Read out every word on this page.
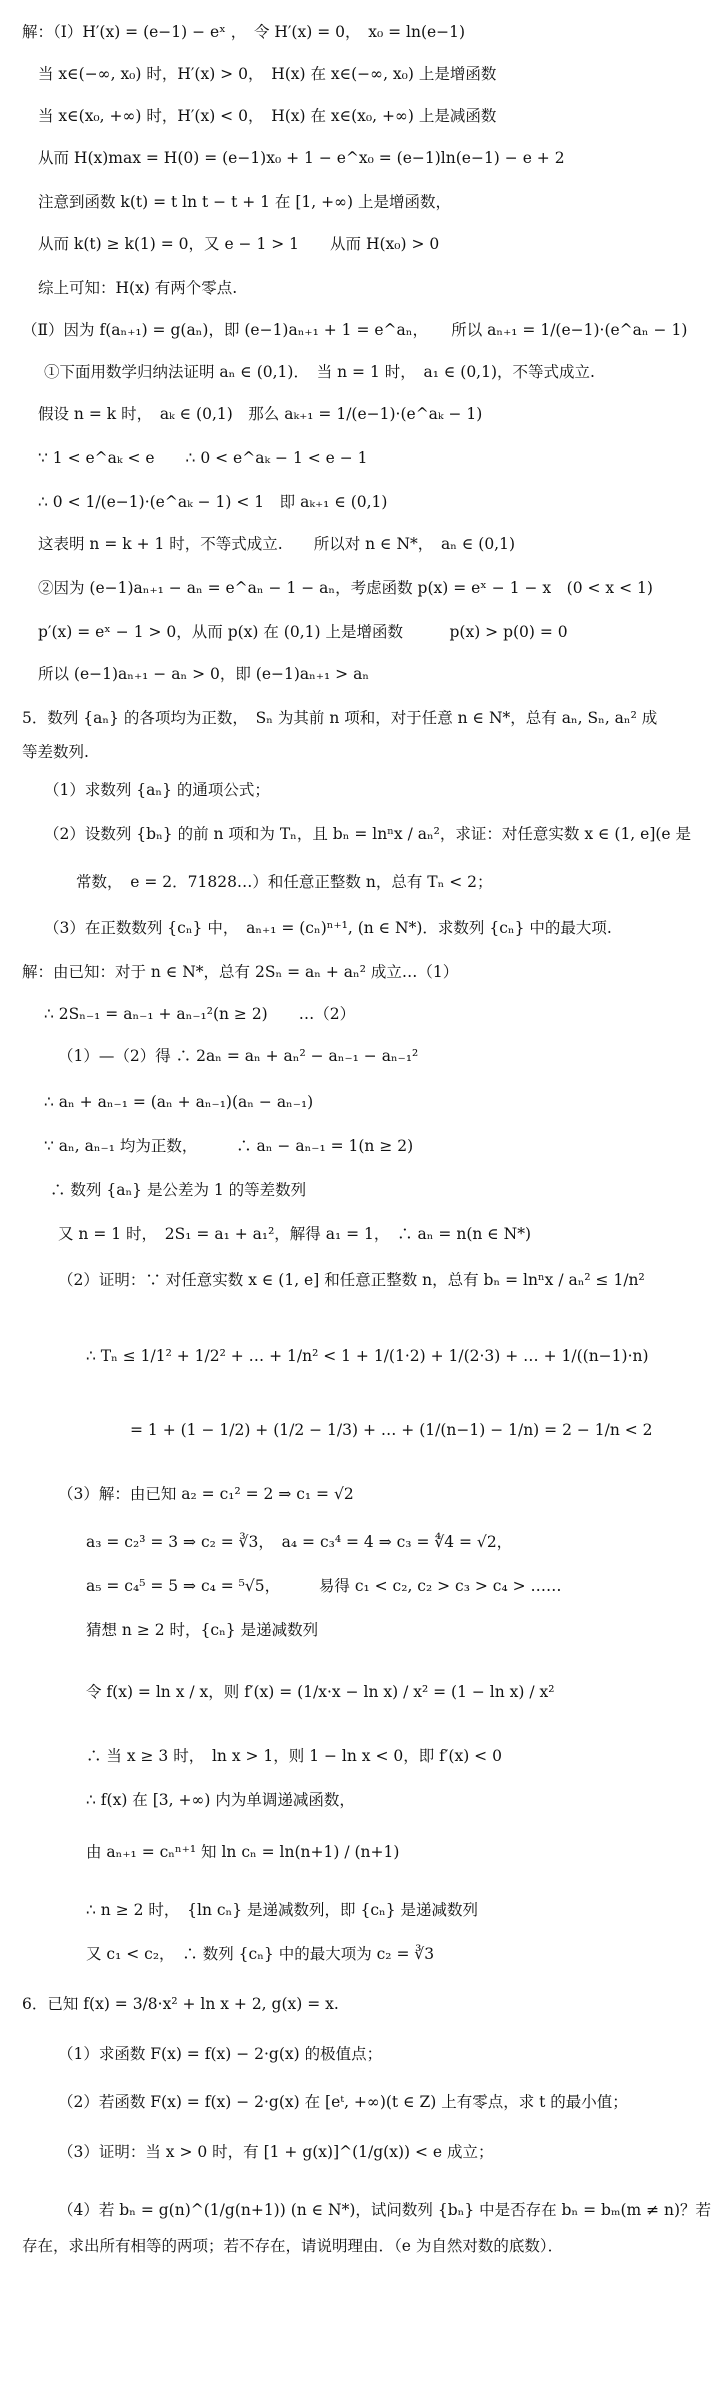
解：（Ⅰ）H′(x) = (e−1) − eˣ ，　令 H′(x) = 0，　x₀ = ln(e−1)
当 x∈(−∞, x₀) 时，H′(x) > 0，　H(x) 在 x∈(−∞, x₀) 上是增函数
当 x∈(x₀, +∞) 时，H′(x) < 0，　H(x) 在 x∈(x₀, +∞) 上是减函数
从而 H(x)max = H(0) = (e−1)x₀ + 1 − e^x₀ = (e−1)ln(e−1) − e + 2
注意到函数 k(t) = t ln t − t + 1 在 [1, +∞) 上是增函数，
从而 k(t) ≥ k(1) = 0，又 e − 1 > 1　　从而 H(x₀) > 0
综上可知：H(x) 有两个零点.
（Ⅱ）因为 f(aₙ₊₁) = g(aₙ)，即 (e−1)aₙ₊₁ + 1 = e^aₙ，　　所以 aₙ₊₁ = 1/(e−1)·(e^aₙ − 1)
①下面用数学归纳法证明 aₙ ∈ (0,1)．　当 n = 1 时，　a₁ ∈ (0,1)，不等式成立.
假设 n = k 时，　aₖ ∈ (0,1)　那么 aₖ₊₁ = 1/(e−1)·(e^aₖ − 1)
∵ 1 < e^aₖ < e　　∴ 0 < e^aₖ − 1 < e − 1
∴ 0 < 1/(e−1)·(e^aₖ − 1) < 1　即 aₖ₊₁ ∈ (0,1)
这表明 n = k + 1 时，不等式成立.　　所以对 n ∈ N*，　aₙ ∈ (0,1)
②因为 (e−1)aₙ₊₁ − aₙ = e^aₙ − 1 − aₙ，考虑函数 p(x) = eˣ − 1 − x　(0 < x < 1)
p′(x) = eˣ − 1 > 0，从而 p(x) 在 (0,1) 上是增函数　　　p(x) > p(0) = 0
所以 (e−1)aₙ₊₁ − aₙ > 0，即 (e−1)aₙ₊₁ > aₙ
5．数列 {aₙ} 的各项均为正数，　Sₙ 为其前 n 项和，对于任意 n ∈ N*，总有 aₙ, Sₙ, aₙ² 成
等差数列.
（1）求数列 {aₙ} 的通项公式；
（2）设数列 {bₙ} 的前 n 项和为 Tₙ，且 bₙ = lnⁿx / aₙ²，求证：对任意实数 x ∈ (1, e](e 是
常数，　e = 2．71828…）和任意正整数 n，总有 Tₙ < 2；
（3）在正数数列 {cₙ} 中，　aₙ₊₁ = (cₙ)ⁿ⁺¹, (n ∈ N*)．求数列 {cₙ} 中的最大项.
解：由已知：对于 n ∈ N*，总有 2Sₙ = aₙ + aₙ² 成立…（1）
∴ 2Sₙ₋₁ = aₙ₋₁ + aₙ₋₁²(n ≥ 2)　　…（2）
（1）—（2）得 ∴ 2aₙ = aₙ + aₙ² − aₙ₋₁ − aₙ₋₁²
∴ aₙ + aₙ₋₁ = (aₙ + aₙ₋₁)(aₙ − aₙ₋₁)
∵ aₙ, aₙ₋₁ 均为正数，　　　∴ aₙ − aₙ₋₁ = 1(n ≥ 2)
∴ 数列 {aₙ} 是公差为 1 的等差数列
又 n = 1 时，　2S₁ = a₁ + a₁²，解得 a₁ = 1，　∴ aₙ = n(n ∈ N*)
（2）证明：∵ 对任意实数 x ∈ (1, e] 和任意正整数 n，总有 bₙ = lnⁿx / aₙ² ≤ 1/n²
∴ Tₙ ≤ 1/1² + 1/2² + … + 1/n² < 1 + 1/(1·2) + 1/(2·3) + … + 1/((n−1)·n)
= 1 + (1 − 1/2) + (1/2 − 1/3) + … + (1/(n−1) − 1/n) = 2 − 1/n < 2
（3）解：由已知 a₂ = c₁² = 2 ⇒ c₁ = √2
a₃ = c₂³ = 3 ⇒ c₂ = ∛3，　a₄ = c₃⁴ = 4 ⇒ c₃ = ∜4 = √2，
a₅ = c₄⁵ = 5 ⇒ c₄ = ⁵√5，　　　易得 c₁ < c₂, c₂ > c₃ > c₄ > ……
猜想 n ≥ 2 时，{cₙ} 是递减数列
令 f(x) = ln x / x，则 f′(x) = (1/x·x − ln x) / x² = (1 − ln x) / x²
∴ 当 x ≥ 3 时，　ln x > 1，则 1 − ln x < 0，即 f′(x) < 0
∴ f(x) 在 [3, +∞) 内为单调递减函数，
由 aₙ₊₁ = cₙⁿ⁺¹ 知 ln cₙ = ln(n+1) / (n+1)
∴ n ≥ 2 时，　{ln cₙ} 是递减数列，即 {cₙ} 是递减数列
又 c₁ < c₂，　∴ 数列 {cₙ} 中的最大项为 c₂ = ∛3
6．已知 f(x) = 3/8·x² + ln x + 2, g(x) = x.
（1）求函数 F(x) = f(x) − 2·g(x) 的极值点；
（2）若函数 F(x) = f(x) − 2·g(x) 在 [eᵗ, +∞)(t ∈ Z) 上有零点，求 t 的最小值；
（3）证明：当 x > 0 时，有 [1 + g(x)]^(1/g(x)) < e 成立；
（4）若 bₙ = g(n)^(1/g(n+1)) (n ∈ N*)，试问数列 {bₙ} 中是否存在 bₙ = bₘ(m ≠ n)？若
存在，求出所有相等的两项；若不存在，请说明理由．（e 为自然对数的底数）．
